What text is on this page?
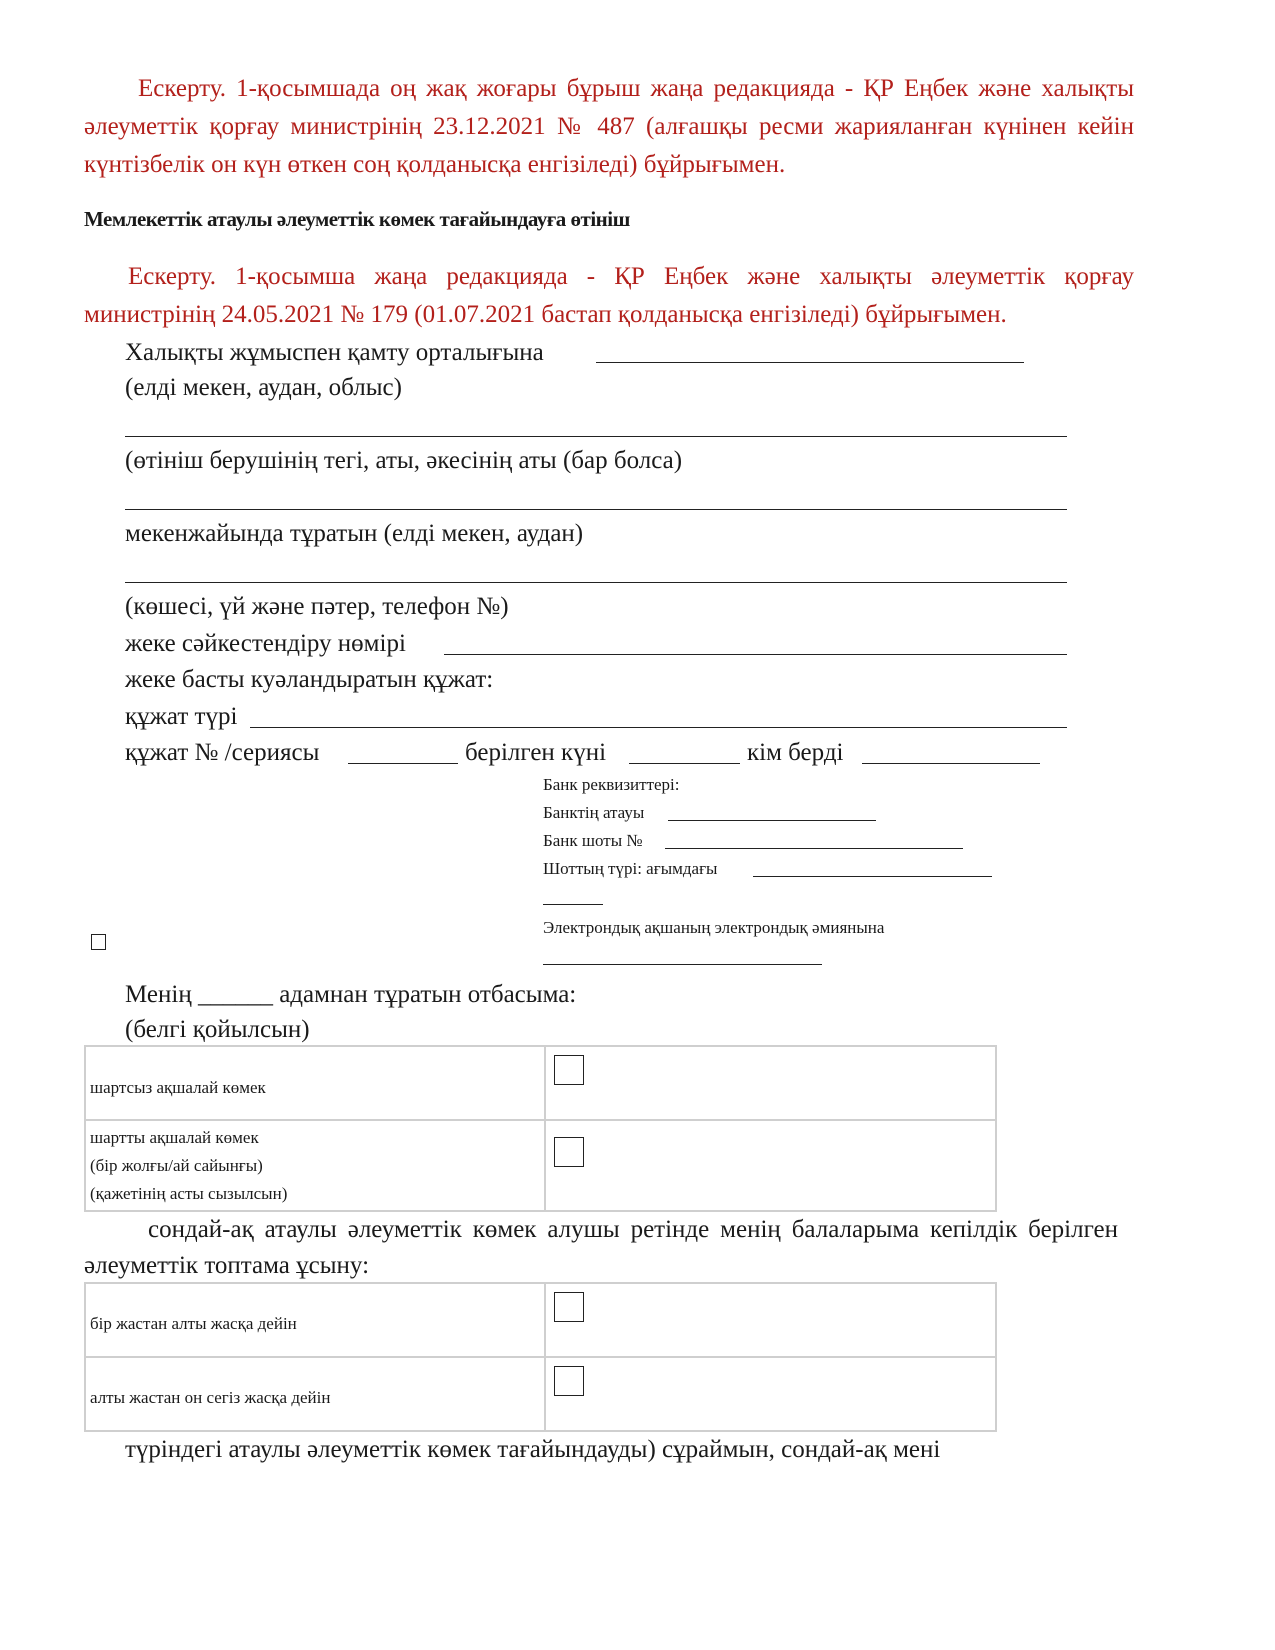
Ескерту. 1-қосымшада оң жақ жоғары бұрыш жаңа редакцияда - ҚР Еңбек және халықты әлеуметтік қорғау министрінің 23.12.2021 № 487 (алғашқы ресми жарияланған күнінен кейін күнтізбелік он күн өткен соң қолданысқа енгізіледі) бұйрығымен.
Мемлекеттік атаулы әлеуметтік көмек тағайындауға өтініш
Ескерту. 1-қосымша жаңа редакцияда - ҚР Еңбек және халықты әлеуметтік қорғау министрінің 24.05.2021 № 179 (01.07.2021 бастап қолданысқа енгізіледі) бұйрығымен.
Халықты жұмыспен қамту орталығына
(елді мекен, аудан, облыс)
(өтініш берушінің тегі, аты, әкесінің аты (бар болса)
мекенжайында тұратын (елді мекен, аудан)
(көшесі, үй және пәтер, телефон №)
жеке сәйкестендіру нөмірі
жеке басты куәландыратын құжат:
құжат түрі
құжат № /сериясы	берілген күні	кім берді
Банк реквизиттері:
Банктің атауы
Банк шоты №
Шоттың түрі: ағымдағы
Электрондық ақшаның электрондық әмиянына
Менің ______ адамнан тұратын отбасыма:
(белгі қойылсын)
шартсыз ақшалай көмек	

шартты ақшалай көмек
(бір жолғы/ай сайынғы)
(қажетінің асты сызылсын)	

сондай-ақ атаулы әлеуметтік көмек алушы ретінде менің балаларыма кепілдік берілген әлеуметтік топтама ұсыну:
бір жастан алты жасқа дейін	

алты жастан он сегіз жасқа дейін	

түріндегі атаулы әлеуметтік көмек тағайындауды) сұраймын, сондай-ақ мені
